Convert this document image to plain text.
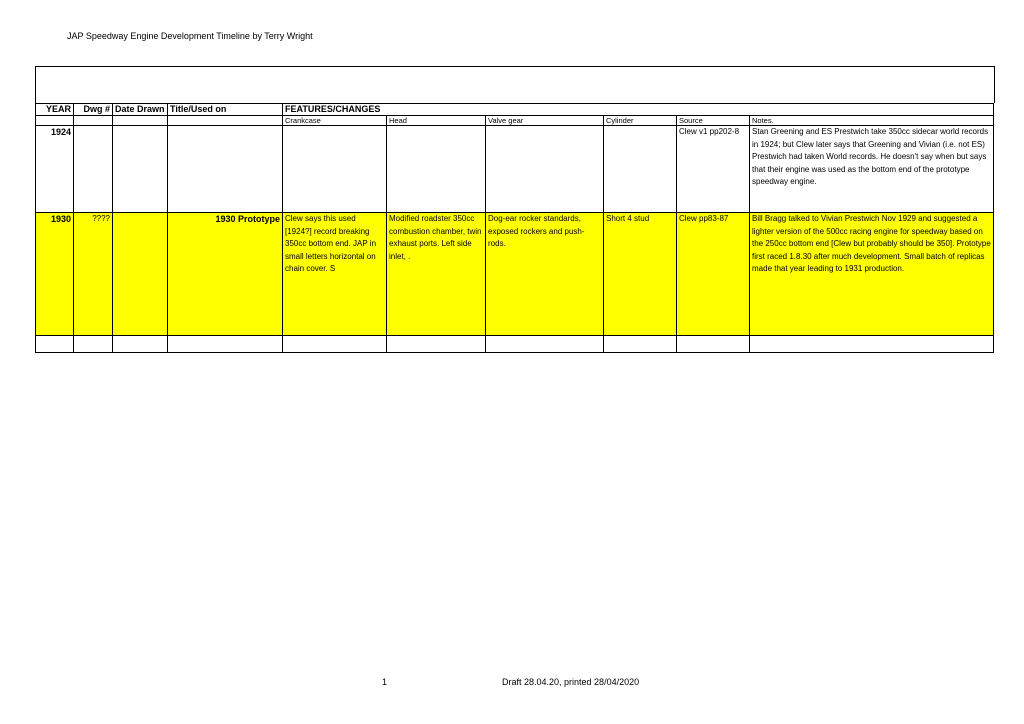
JAP Speedway Engine Development Timeline by Terry Wright
YEAR	Dwg #	Date Drawn	Title/Used on	FEATURES/CHANGES					
				Crankcase	Head	Valve gear	Cylinder	Source	Notes.
1924								Clew v1 pp202-8	Stan Greening and ES Prestwich take 350cc sidecar world records in 1924; but Clew later says that Greening and Vivian (i.e. not ES) Prestwich had taken World records. He doesn't say when but says that their engine was used as the bottom end of the prototype speedway engine.
1930	????		1930 Prototype	Clew says this used [1924?] record breaking 350cc bottom end. JAP in small letters horizontal on chain cover. S	Modified roadster 350cc combustion chamber, twin exhaust ports. Left side inlet, .	Dog-ear rocker standards, exposed rockers and push-rods.	Short 4 stud	Clew pp83-87	Bill Bragg talked to Vivian Prestwich Nov 1929 and suggested a lighter version of the 500cc racing engine for speedway based on the 250cc bottom end [Clew but probably should be 350]. Prototype first raced 1.8.30 after much development. Small batch of replicas made that year leading to 1931 production.

1	Draft 28.04.20, printed 28/04/2020
